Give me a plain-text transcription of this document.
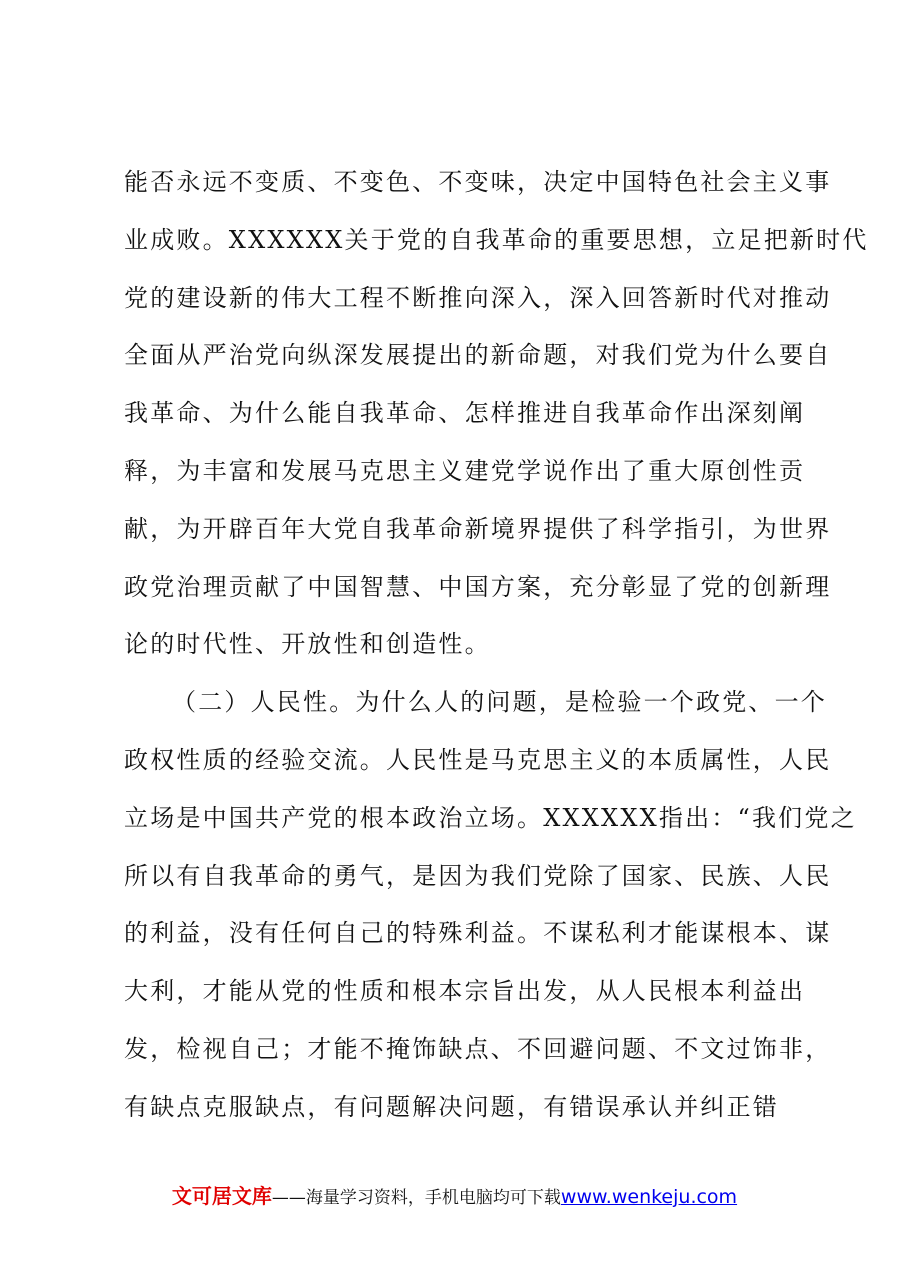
能否永远不变质、不变色、不变味，决定中国特色社会主义事
业成败。XXXXXX关于党的自我革命的重要思想，立足把新时代
党的建设新的伟大工程不断推向深入，深入回答新时代对推动
全面从严治党向纵深发展提出的新命题，对我们党为什么要自
我革命、为什么能自我革命、怎样推进自我革命作出深刻阐
释，为丰富和发展马克思主义建党学说作出了重大原创性贡
献，为开辟百年大党自我革命新境界提供了科学指引，为世界
政党治理贡献了中国智慧、中国方案，充分彰显了党的创新理
论的时代性、开放性和创造性。
（二）人民性。为什么人的问题，是检验一个政党、一个
政权性质的经验交流。人民性是马克思主义的本质属性，人民
立场是中国共产党的根本政治立场。XXXXXX指出：“我们党之
所以有自我革命的勇气，是因为我们党除了国家、民族、人民
的利益，没有任何自己的特殊利益。不谋私利才能谋根本、谋
大利，才能从党的性质和根本宗旨出发，从人民根本利益出
发，检视自己；才能不掩饰缺点、不回避问题、不文过饰非，
有缺点克服缺点，有问题解决问题，有错误承认并纠正错
文可居文库——海量学习资料，手机电脑均可下载www.wenkeju.com
